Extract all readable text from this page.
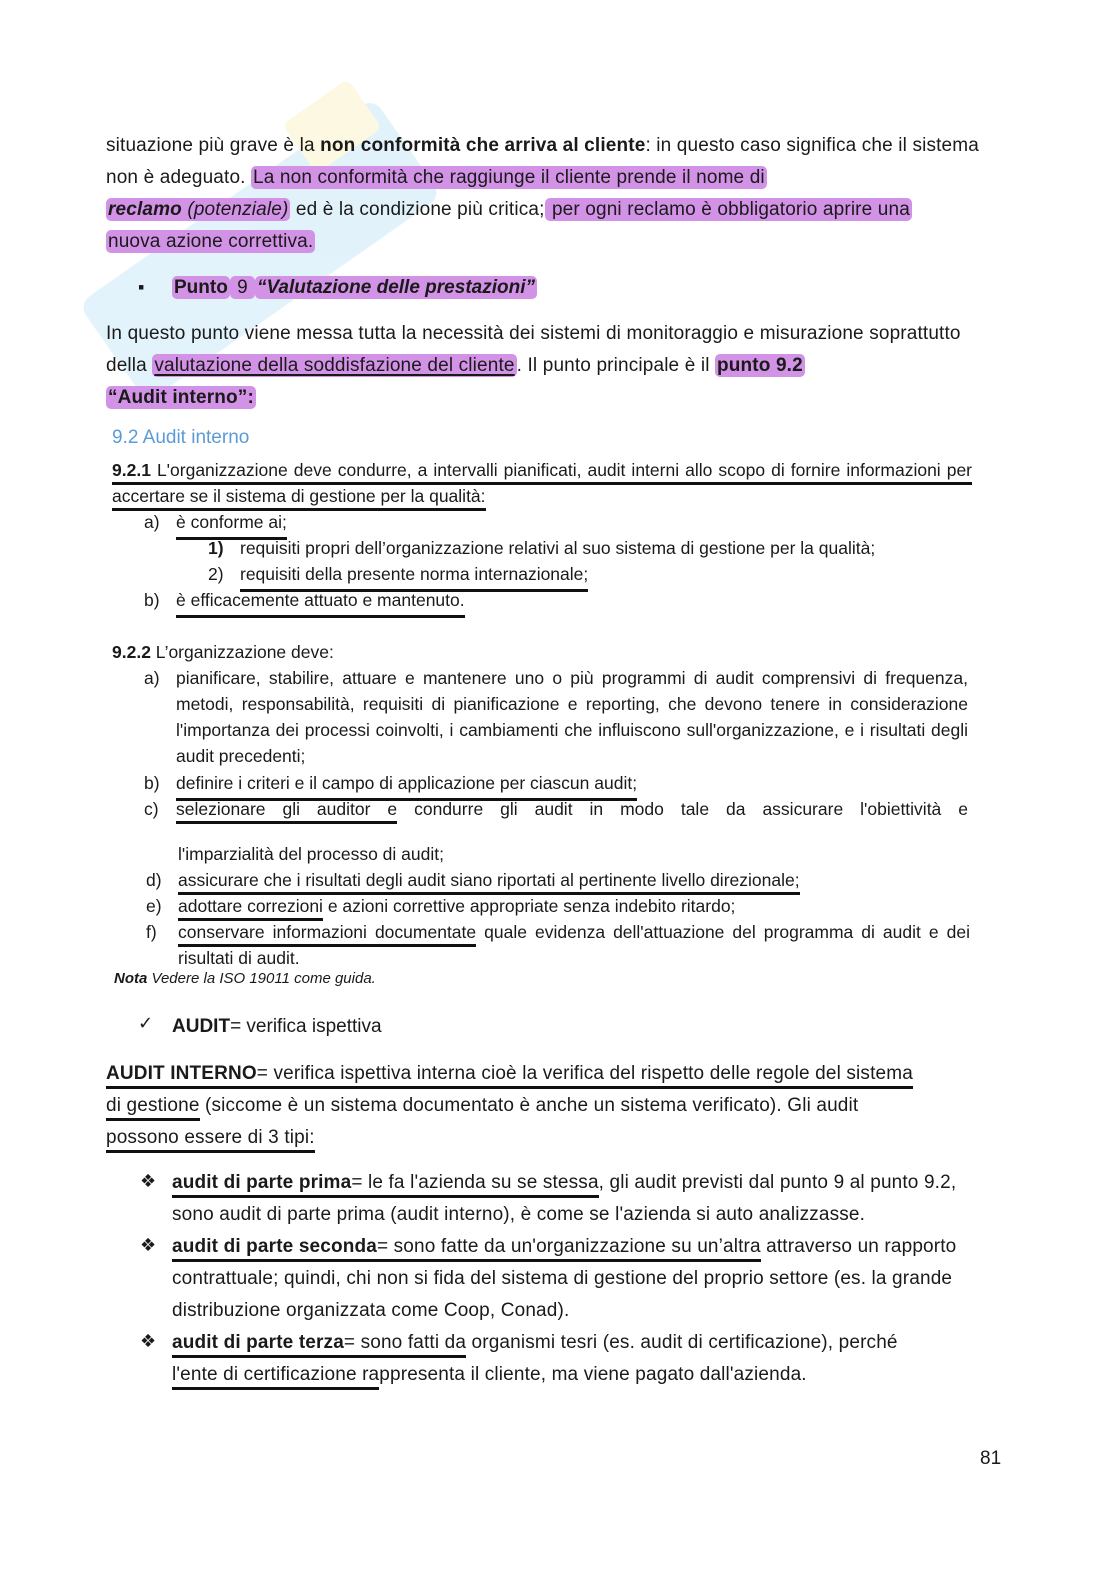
situazione più grave è la non conformità che arriva al cliente: in questo caso significa che il sistema non è adeguato. La non conformità che raggiunge il cliente prende il nome di
reclamo (potenziale) ed è la condizione più critica; per ogni reclamo è obbligatorio aprire una
nuova azione correttiva.
▪ Punto 9 “Valutazione delle prestazioni”
In questo punto viene messa tutta la necessità dei sistemi di monitoraggio e misurazione soprattutto della valutazione della soddisfazione del cliente . Il punto principale è il punto 9.2
“Audit interno”:
9.2 Audit interno
9.2.1 L'organizzazione deve condurre, a intervalli pianificati, audit interni allo scopo di fornire informazioni per accertare se il sistema di gestione per la qualità:
a) è conforme ai;
1) requisiti propri dell’organizzazione relativi al suo sistema di gestione per la qualità;
2) requisiti della presente norma internazionale;
b) è efficacemente attuato e mantenuto.
9.2.2 L’organizzazione deve:
a) pianificare, stabilire, attuare e mantenere uno o più programmi di audit comprensivi di frequenza, metodi, responsabilità, requisiti di pianificazione e reporting, che devono tenere in considerazione l'importanza dei processi coinvolti, i cambiamenti che influiscono sull'organizzazione, e i risultati degli audit precedenti;
b) definire i criteri e il campo di applicazione per ciascun audit;
c) selezionare gli auditor e condurre gli audit in modo tale da assicurare l'obiettività e
l'imparzialità del processo di audit;
d) assicurare che i risultati degli audit siano riportati al pertinente livello direzionale;
e) adottare correzioni e azioni correttive appropriate senza indebito ritardo;
f) conservare informazioni documentate quale evidenza dell'attuazione del programma di audit e dei risultati di audit.
Nota Vedere la ISO 19011 come guida.
✓ AUDIT= verifica ispettiva
AUDIT INTERNO= verifica ispettiva interna cioè la verifica del rispetto delle regole del sistema
di gestione (siccome è un sistema documentato è anche un sistema verificato). Gli audit
possono essere di 3 tipi:
❖ audit di parte prima= le fa l'azienda su se stessa, gli audit previsti dal punto 9 al punto 9.2, sono audit di parte prima (audit interno), è come se l'azienda si auto analizzasse.
❖ audit di parte seconda= sono fatte da un'organizzazione su un’altra attraverso un rapporto contrattuale; quindi, chi non si fida del sistema di gestione del proprio settore (es. la grande distribuzione organizzata come Coop, Conad).
❖ audit di parte terza= sono fatti da organismi tesri (es. audit di certificazione), perché
l'ente di certificazione rappresenta il cliente, ma viene pagato dall'azienda.
81
